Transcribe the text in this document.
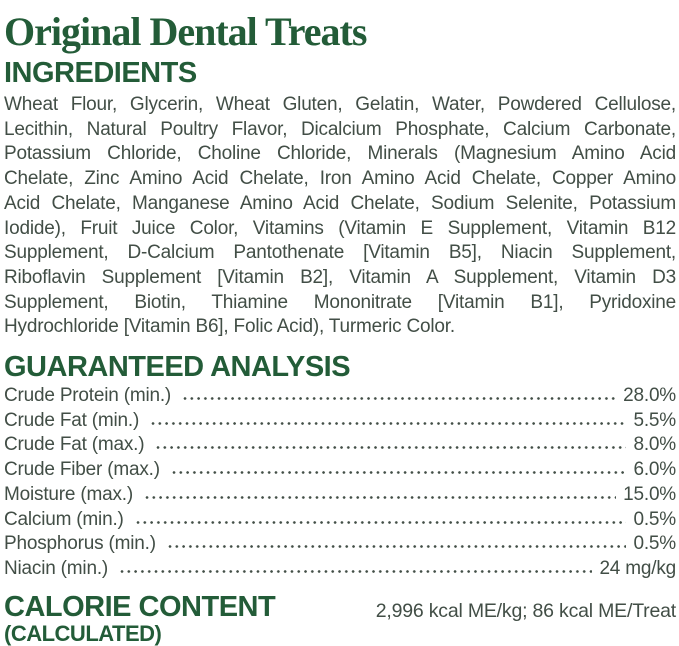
Original Dental Treats
INGREDIENTS
Wheat Flour, Glycerin, Wheat Gluten, Gelatin, Water, Powdered Cellulose,
Lecithin, Natural Poultry Flavor, Dicalcium Phosphate, Calcium Carbonate,
Potassium Chloride, Choline Chloride, Minerals (Magnesium Amino Acid
Chelate, Zinc Amino Acid Chelate, Iron Amino Acid Chelate, Copper Amino
Acid Chelate, Manganese Amino Acid Chelate, Sodium Selenite, Potassium
Iodide), Fruit Juice Color, Vitamins (Vitamin E Supplement, Vitamin B12
Supplement, D-Calcium Pantothenate [Vitamin B5], Niacin Supplement,
Riboflavin Supplement [Vitamin B2], Vitamin A Supplement, Vitamin D3
Supplement, Biotin, Thiamine Mononitrate [Vitamin B1], Pyridoxine
Hydrochloride [Vitamin B6], Folic Acid), Turmeric Color.
GUARANTEED ANALYSIS
Crude Protein (min.)	28.0%
Crude Fat (min.)	5.5%
Crude Fat (max.)	8.0%
Crude Fiber (max.)	6.0%
Moisture (max.)	15.0%
Calcium (min.)	0.5%
Phosphorus (min.)	0.5%
Niacin (min.)	24 mg/kg
CALORIE CONTENT
(CALCULATED)
2,996 kcal ME/kg; 86 kcal ME/Treat
